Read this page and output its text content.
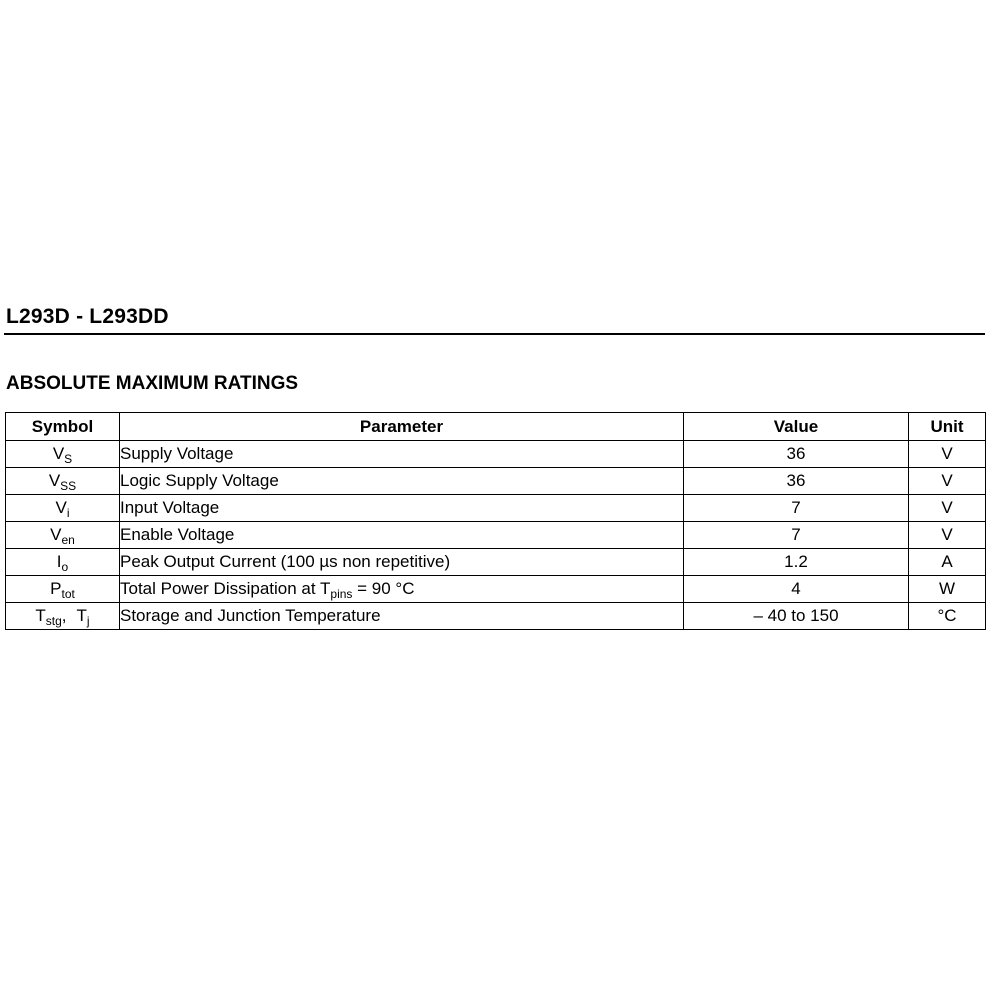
L293D - L293DD
ABSOLUTE MAXIMUM RATINGS
Symbol	Parameter	Value	Unit
$V_S$	Supply Voltage	36	V
$V_{SS}$	Logic Supply Voltage	36	V
$V_i$	Input Voltage	7	V
$V_{en}$	Enable Voltage	7	V
$I_o$	Peak Output Current (100 µs non repetitive)	1.2	A
$P_{tot}$	Total Power Dissipation at $T_{pins} = 90$ °C	4	W
$T_{stg}$, $T_j$	Storage and Junction Temperature	– 40 to 150	°C
